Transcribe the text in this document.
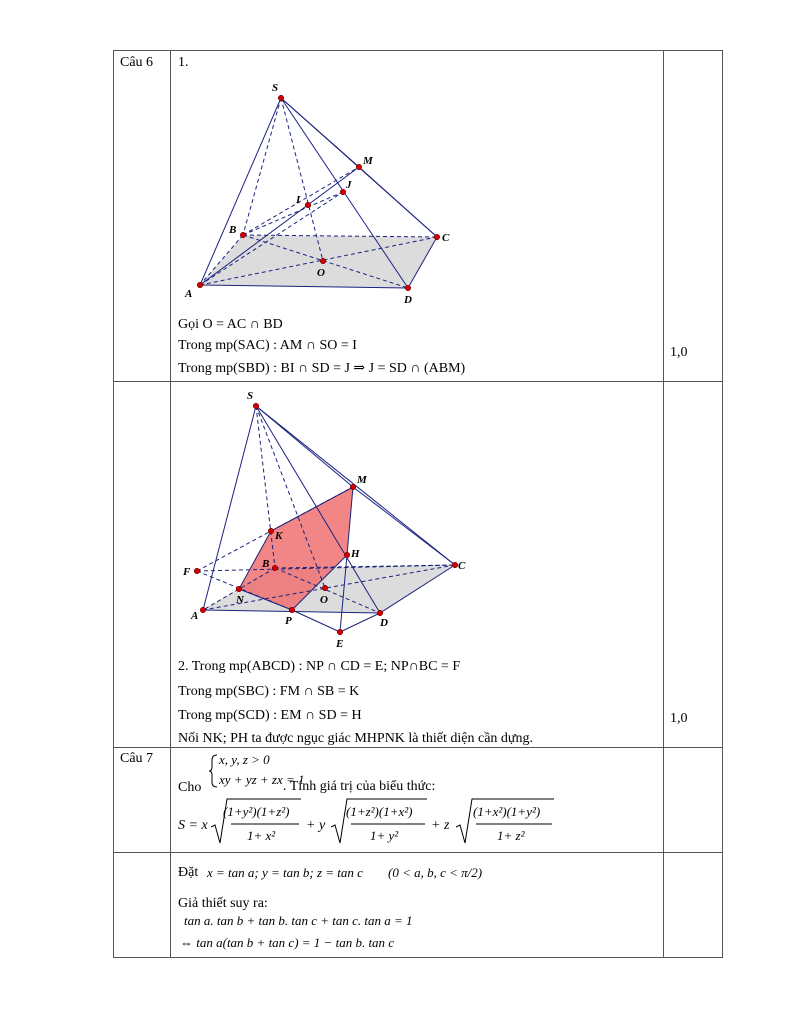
Câu 6 1.
S
M
J
I
B
C
O
A	D
Gọi O = AC ∩ BD
Trong mp(SAC) : AM ∩ SO = I
Trong mp(SBD) : BI ∩ SD = J ⇒ J = SD ∩ (ABM)
1,0
S
M
K
H
F
B	C
N	O
A	P	D
E
2. Trong mp(ABCD) : NP ∩ CD = E; NP∩BC = F
Trong mp(SBC) : FM ∩ SB = K
Trong mp(SCD) : EM ∩ SD = H
Nối NK; PH ta được ngục giác MHPNK là thiết diện cần dựng.
1,0
Câu 7
Cho
x, y, z > 0
xy + yz + zx = 1
. Tính giá trị của biểu thức:
S = x
(1+y²)(1+z²)
1+ x²
+ y
(1+z²)(1+x²)
1+ y²
+ z
(1+x²)(1+y²)
1+ z²
Đặt x = tan a; y = tan b; z = tan c (0 < a, b, c < π/2)
Giả thiết suy ra:
tan a. tan b + tan b. tan c + tan c. tan a = 1
⇔ tan a(tan b + tan c) = 1 − tan b. tan c
